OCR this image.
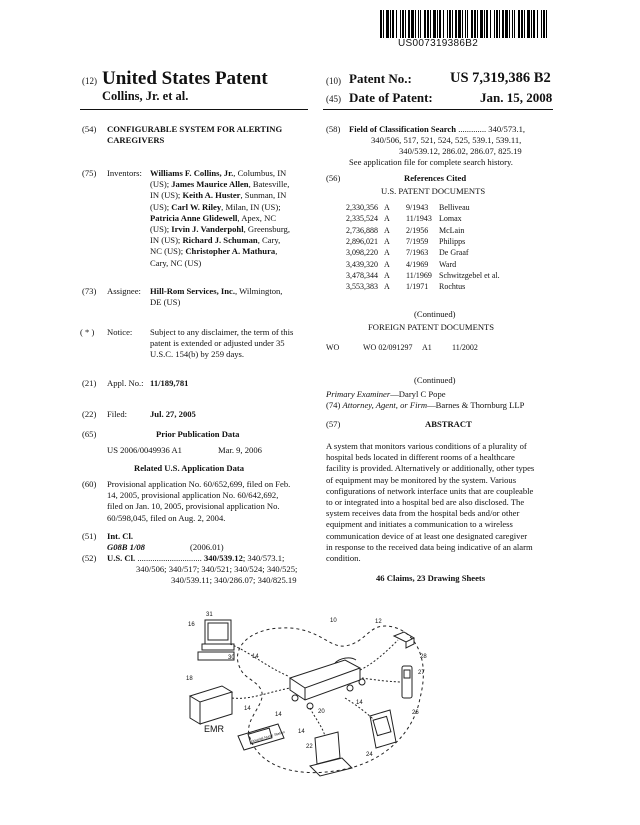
US007319386B2
(12) United States Patent
Collins, Jr. et al.
(10) Patent No.:	US 7,319,386 B2
(45) Date of Patent:	Jan. 15, 2008
(54) CONFIGURABLE SYSTEM FOR ALERTING
CAREGIVERS
(75) Inventors: Williams F. Collins, Jr., Columbus, IN
(US); James Maurice Allen, Batesville,
IN (US); Keith A. Huster, Sunman, IN
(US); Carl W. Riley, Milan, IN (US);
Patricia Anne Glidewell, Apex, NC
(US); Irvin J. Vanderpohl, Greensburg,
IN (US); Richard J. Schuman, Cary,
NC (US); Christopher A. Mathura,
Cary, NC (US)
(73) Assignee: Hill-Rom Services, Inc., Wilmington,
DE (US)
( * ) Notice: Subject to any disclaimer, the term of this
patent is extended or adjusted under 35
U.S.C. 154(b) by 259 days.
(21) Appl. No.: 11/189,781
(22) Filed:	Jul. 27, 2005
(65)	Prior Publication Data
US 2006/0049936 A1	Mar. 9, 2006
Related U.S. Application Data
(60) Provisional application No. 60/652,699, filed on Feb.
14, 2005, provisional application No. 60/642,692,
filed on Jan. 10, 2005, provisional application No.
60/598,045, filed on Aug. 2, 2004.
(51) Int. Cl.
G08B 1/08	(2006.01)
(52) U.S. Cl. .............................. 340/539.12; 340/573.1;
340/506; 340/517; 340/521; 340/524; 340/525;
340/539.11; 340/286.07; 340/825.19
(58) Field of Classification Search ............. 340/573.1,
340/506, 517, 521, 524, 525, 539.1, 539.11,
340/539.12, 286.02, 286.07, 825.19
See application file for complete search history.
(56)	References Cited
U.S. PATENT DOCUMENTS
2,330,356 A 9/1943 Belliveau
2,335,524 A 11/1943 Lomax
2,736,888 A 2/1956 McLain
2,896,021 A 7/1959 Philipps
3,098,220 A 7/1963 De Graaf
3,439,320 A 4/1969 Ward
3,478,344 A 11/1969 Schwitzgebel et al.
3,553,383 A 1/1971 Rochtus
(Continued)
FOREIGN PATENT DOCUMENTS
WO	WO 02/091297 A1	11/2002
(Continued)
Primary Examiner—Daryl C Pope
(74) Attorney, Agent, or Firm—Barnes & Thornburg LLP
(57)	ABSTRACT
A system that monitors various conditions of a plurality of
hospital beds located in different rooms of a healthcare
facility is provided. Alternatively or additionally, other types
of equipment may be monitored by the system. Various
configurations of network interface units that are coupleable
to or integrated into a hospital bed are also disclosed. The
system receives data from the hospital beds and/or other
equipment and initiates a communication to a wireless
communication device of at least one designated caregiver
in response to the received data being indicative of an alarm
condition.
46 Claims, 23 Drawing Sheets
31
16
30	14
10	12
28
27
18
20
EMR
14	26
14
14
22
24
14
Hospital Nurse Station
